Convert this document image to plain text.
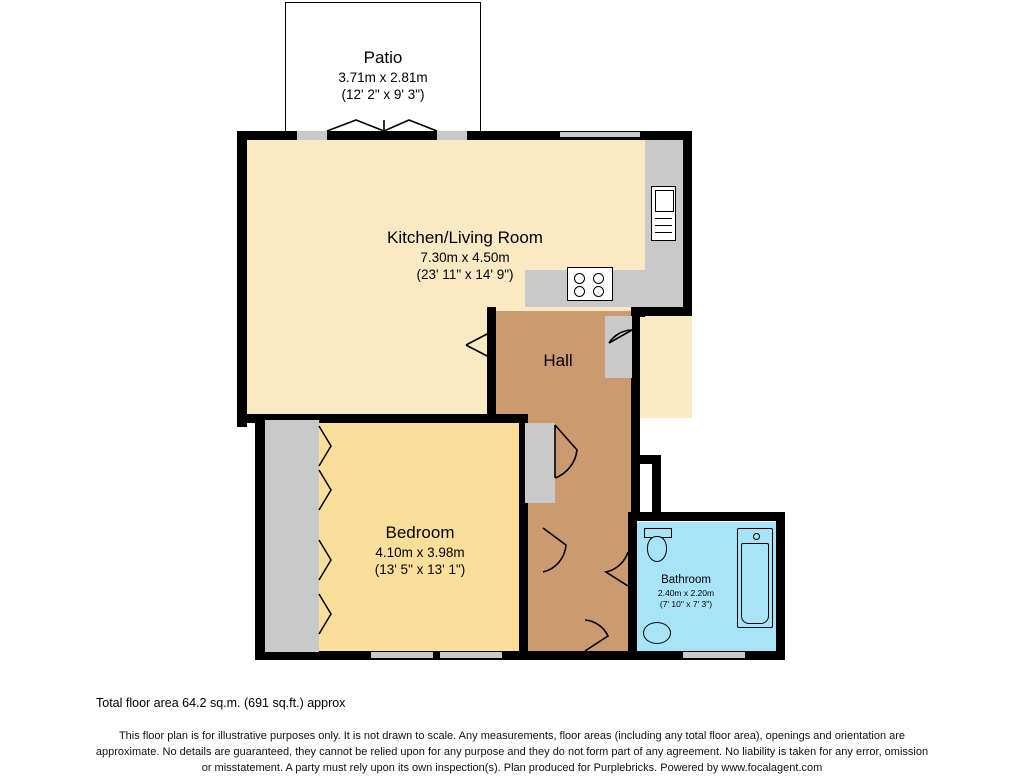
Patio
3.71m x 2.81m
(12' 2" x 9' 3")
Kitchen/Living Room
7.30m x 4.50m
(23' 11" x 14' 9")
Hall
Bedroom
4.10m x 3.98m
(13' 5" x 13' 1")
Bathroom
2.40m x 2.20m
(7' 10" x 7' 3")
Total floor area 64.2 sq.m. (691 sq.ft.) approx
This floor plan is for illustrative purposes only. It is not drawn to scale. Any measurements, floor areas (including any total floor area), openings and orientation are
approximate. No details are guaranteed, they cannot be relied upon for any purpose and they do not form part of any agreement. No liability is taken for any error, omission
or misstatement. A party must rely upon its own inspection(s). Plan produced for Purplebricks. Powered by www.focalagent.com
